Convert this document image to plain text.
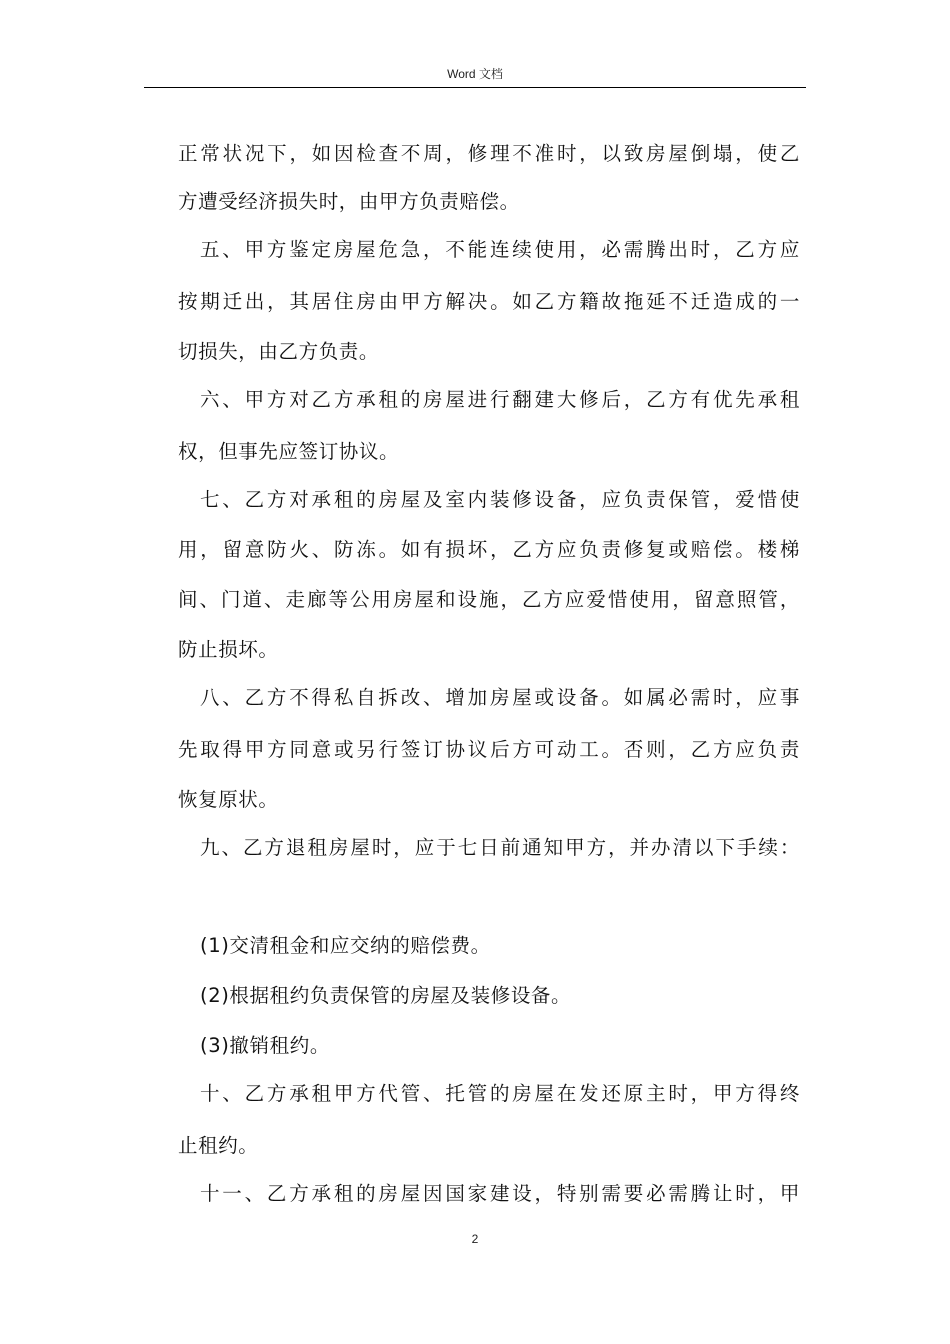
Word 文档
正常状况下，如因检查不周，修理不准时，以致房屋倒塌，使乙
方遭受经济损失时，由甲方负责赔偿。
五、甲方鉴定房屋危急，不能连续使用，必需腾出时，乙方应
按期迁出，其居住房由甲方解决。如乙方籍故拖延不迁造成的一
切损失，由乙方负责。
六、甲方对乙方承租的房屋进行翻建大修后，乙方有优先承租
权，但事先应签订协议。
七、乙方对承租的房屋及室内装修设备，应负责保管，爱惜使
用，留意防火、防冻。如有损坏，乙方应负责修复或赔偿。楼梯
间、门道、走廊等公用房屋和设施，乙方应爱惜使用，留意照管，
防止损坏。
八、乙方不得私自拆改、增加房屋或设备。如属必需时，应事
先取得甲方同意或另行签订协议后方可动工。否则，乙方应负责
恢复原状。
九、乙方退租房屋时，应于七日前通知甲方，并办清以下手续：
(1)交清租金和应交纳的赔偿费。
(2)根据租约负责保管的房屋及装修设备。
(3)撤销租约。
十、乙方承租甲方代管、托管的房屋在发还原主时，甲方得终
止租约。
十一、乙方承租的房屋因国家建设，特别需要必需腾让时，甲
2
